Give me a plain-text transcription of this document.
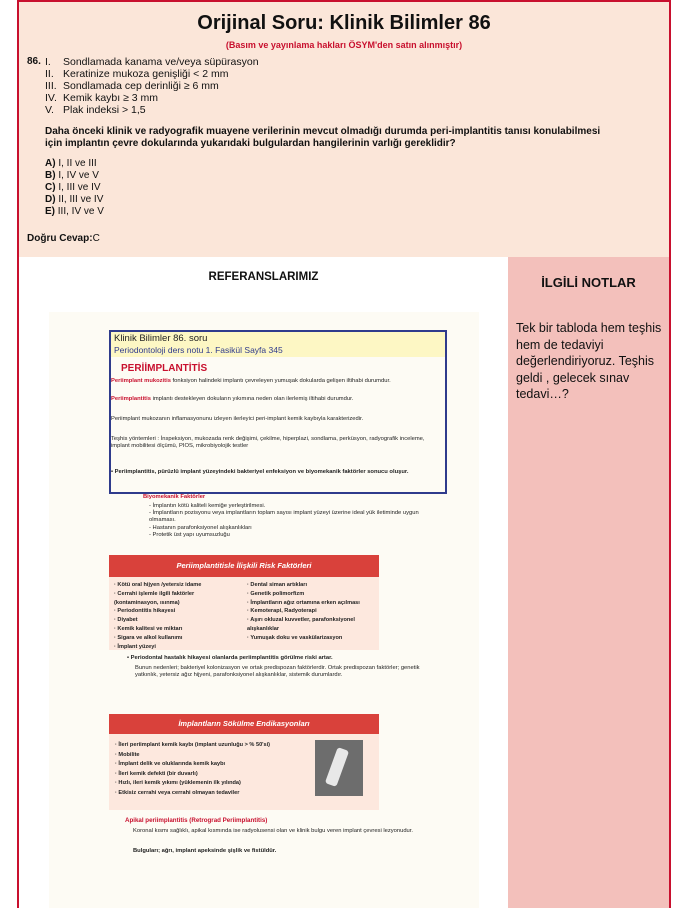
Orijinal Soru: Klinik Bilimler 86
(Basım ve yayınlama hakları ÖSYM'den satın alınmıştır)
86. I. Sondlamada kanama ve/veya süpürasyon
II. Keratinize mukoza genişliği < 2 mm
III. Sondlamada cep derinliği ≥ 6 mm
IV. Kemik kaybı ≥ 3 mm
V. Plak indeksi > 1,5
Daha önceki klinik ve radyografik muayene verilerinin mevcut olmadığı durumda peri-implantitis tanısı konulabilmesi
için implantın çevre dokularında yukarıdaki bulgulardan hangilerinin varlığı gereklidir?
A) I, II ve III
B) I, IV ve V
C) I, III ve IV
D) II, III ve IV
E) III, IV ve V
Doğru Cevap:C
REFERANSLARIMIZ
Klinik Bilimler 86. soru
Periodontoloji ders notu 1. Fasikül Sayfa 345
PERİİMPLANTİTİS
Periimplant mukozitis fonksiyon halindeki implantı çevreleyen yumuşak dokularda gelişen iltihabi durumdur.
Periimplantitis implantı destekleyen dokuların yıkımına neden olan ilerlemiş iltihabi durumdur.
Periimplant mukozanın inflamasyonunu izleyen ilerleyici peri-implant kemik kaybıyla karakterizedir.
Teşhis yöntemleri : İnspeksiyon, mukozada renk değişimi, çekilme, hiperplazi, sondlama, perküsyon, radyografik inceleme, implant mobilitesi ölçümü, PIOS, mikrobiyolojik testler
• Periimplantitis, pürüzlü implant yüzeyindeki bakteriyel enfeksiyon ve biyomekanik faktörler sonucu oluşur.
Biyomekanik Faktörler
- İmplantın kötü kaliteli kemiğe yerleştirilmesi.
- İmplantların pozisyonu veya implantların toplam sayısı implant yüzeyi üzerine ideal yük iletiminde uygun olmaması.
- Hastanın parafonksiyonel alışkanlıkları
- Protetik üst yapı uyumsuzluğu
Periimplantitisle İlişkili Risk Faktörleri
· Kötü oral hijyen /yetersiz idame
· Cerrahi işlemle ilgili faktörler (kontaminasyon, ısınma)
· Periodontitis hikayesi
· Diyabet
· Kemik kalitesi ve miktarı
· Sigara ve alkol kullanımı
· İmplant yüzeyi
· Dental siman artıkları
· Genetik polimorfizm
· İmplantların ağız ortamına erken açılması
· Kemoterapi, Radyoterapi
· Aşırı okluzal kuvvetler, parafonksiyonel alışkanlıklar
· Yumuşak doku ve vaskülarizasyon
• Periodontal hastalık hikayesi olanlarda periimplantitis görülme riski artar.
Bunun nedenleri; bakteriyel kolonizasyon ve ortak predispozan faktörlerdir. Ortak predispozan faktörler; genetik yatkınlık, yetersiz ağız hijyeni, parafonksiyonel alışkanlıklar, sistemik durumlardır.
İmplantların Sökülme Endikasyonları
· İleri periimplant kemik kaybı (implant uzunluğu > % 50'si)
· Mobilite
· İmplant delik ve oluklarında kemik kaybı
· İleri kemik defekti (bir duvarlı)
· Hızlı, ileri kemik yıkımı (yüklemenin ilk yılında)
· Etkisiz cerrahi veya cerrahi olmayan tedaviler
Apikal periimplantitis (Retrograd Periimplantitis)
Koronal kısmı sağlıklı, apikal kısmında ise radyolusensi olan ve klinik bulgu veren implant çevresi lezyonudur.
Bulguları; ağrı, implant apeksinde şişlik ve fistüldür.
İLGİLİ NOTLAR
Tek bir tabloda hem teşhis hem de tedaviyi değerlendiriyoruz. Teşhis geldi , gelecek sınav tedavi…?
